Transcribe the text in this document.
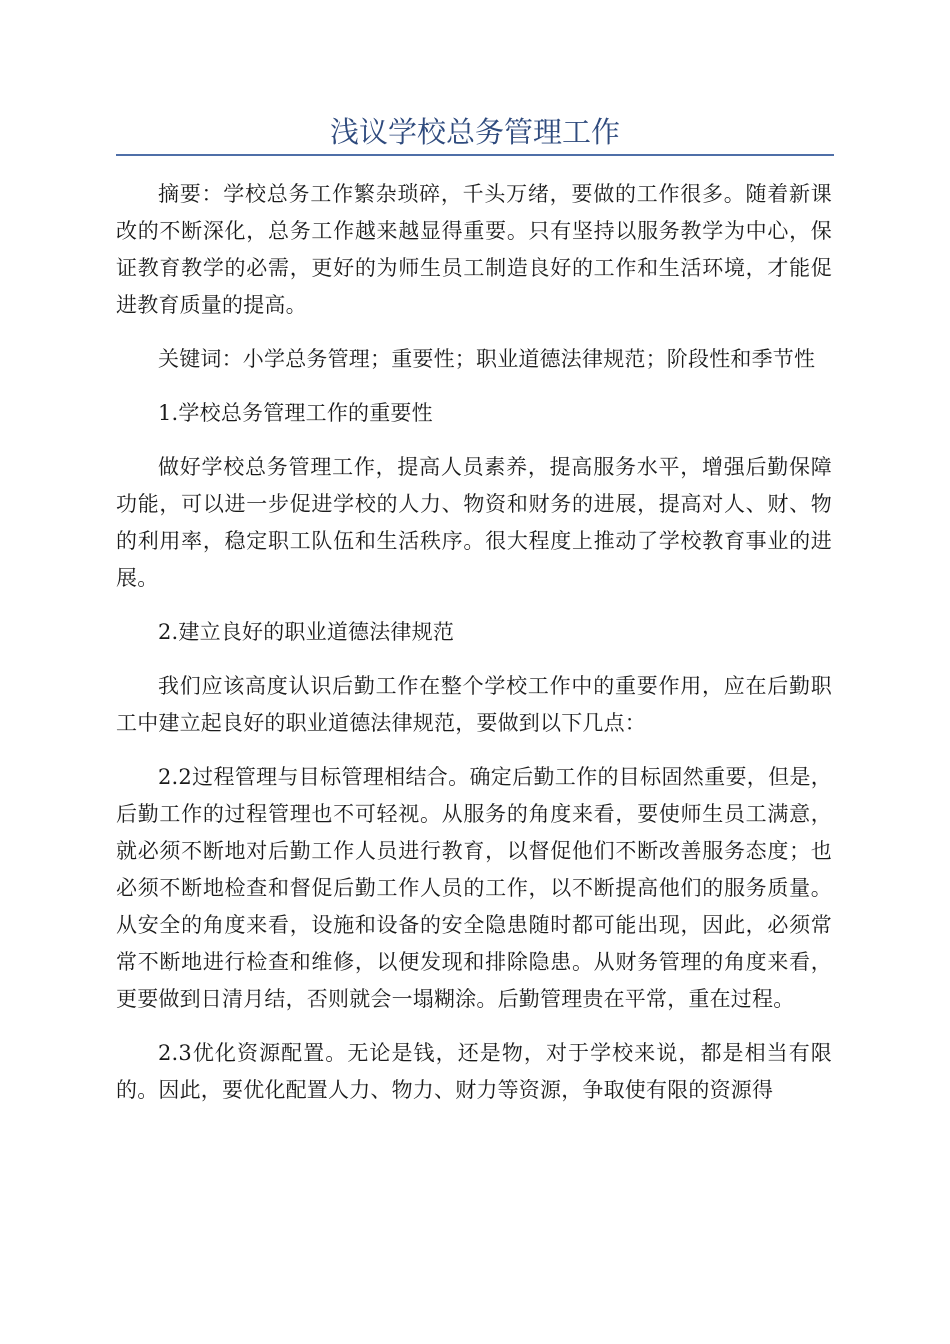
浅议学校总务管理工作

摘要：学校总务工作繁杂琐碎，千头万绪，要做的工作很多。随着新课改的不断深化，总务工作越来越显得重要。只有坚持以服务教学为中心，保证教育教学的必需，更好的为师生员工制造良好的工作和生活环境，才能促进教育质量的提高。

关键词：小学总务管理；重要性；职业道德法律规范；阶段性和季节性

1.学校总务管理工作的重要性

做好学校总务管理工作，提高人员素养，提高服务水平，增强后勤保障功能，可以进一步促进学校的人力、物资和财务的进展，提高对人、财、物的利用率，稳定职工队伍和生活秩序。很大程度上推动了学校教育事业的进展。

2.建立良好的职业道德法律规范

我们应该高度认识后勤工作在整个学校工作中的重要作用，应在后勤职工中建立起良好的职业道德法律规范，要做到以下几点：

2.2过程管理与目标管理相结合。确定后勤工作的目标固然重要，但是，后勤工作的过程管理也不可轻视。从服务的角度来看，要使师生员工满意，就必须不断地对后勤工作人员进行教育，以督促他们不断改善服务态度；也必须不断地检查和督促后勤工作人员的工作，以不断提高他们的服务质量。从安全的角度来看，设施和设备的安全隐患随时都可能出现，因此，必须常常不断地进行检查和维修，以便发现和排除隐患。从财务管理的角度来看，更要做到日清月结，否则就会一塌糊涂。后勤管理贵在平常，重在过程。

2.3优化资源配置。无论是钱，还是物，对于学校来说，都是相当有限的。因此，要优化配置人力、物力、财力等资源，争取使有限的资源得
